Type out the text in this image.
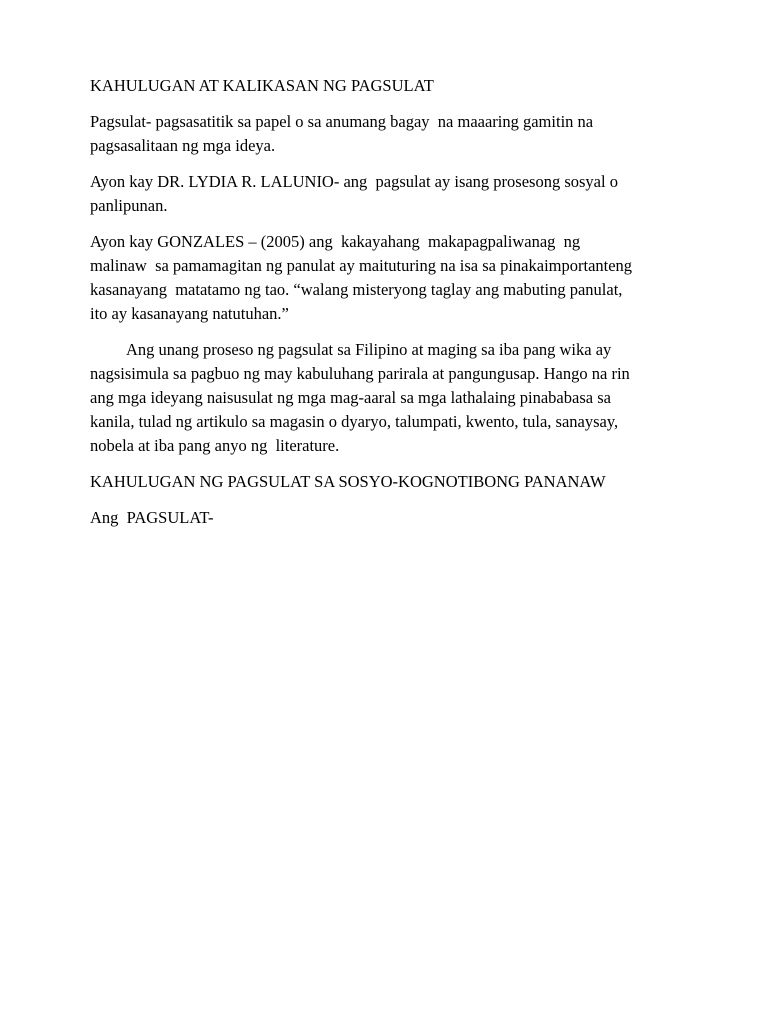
KAHULUGAN AT KALIKASAN NG PAGSULAT
Pagsulat- pagsasatitik sa papel o sa anumang bagay  na maaaring gamitin na
pagsasalitaan ng mga ideya.
Ayon kay DR. LYDIA R. LALUNIO- ang  pagsulat ay isang prosesong sosyal o
panlipunan.
Ayon kay GONZALES – (2005) ang  kakayahang  makapagpaliwanag  ng
malinaw  sa pamamagitan ng panulat ay maituturing na isa sa pinakaimportanteng
kasanayang  matatamo ng tao. “walang misteryong taglay ang mabuting panulat,
ito ay kasanayang natutuhan.”
Ang unang proseso ng pagsulat sa Filipino at maging sa iba pang wika ay
nagsisimula sa pagbuo ng may kabuluhang parirala at pangungusap. Hango na rin
ang mga ideyang naisusulat ng mga mag-aaral sa mga lathalaing pinababasa sa
kanila, tulad ng artikulo sa magasin o dyaryo, talumpati, kwento, tula, sanaysay,
nobela at iba pang anyo ng  literature.
KAHULUGAN NG PAGSULAT SA SOSYO-KOGNOTIBONG PANANAW
Ang  PAGSULAT-
